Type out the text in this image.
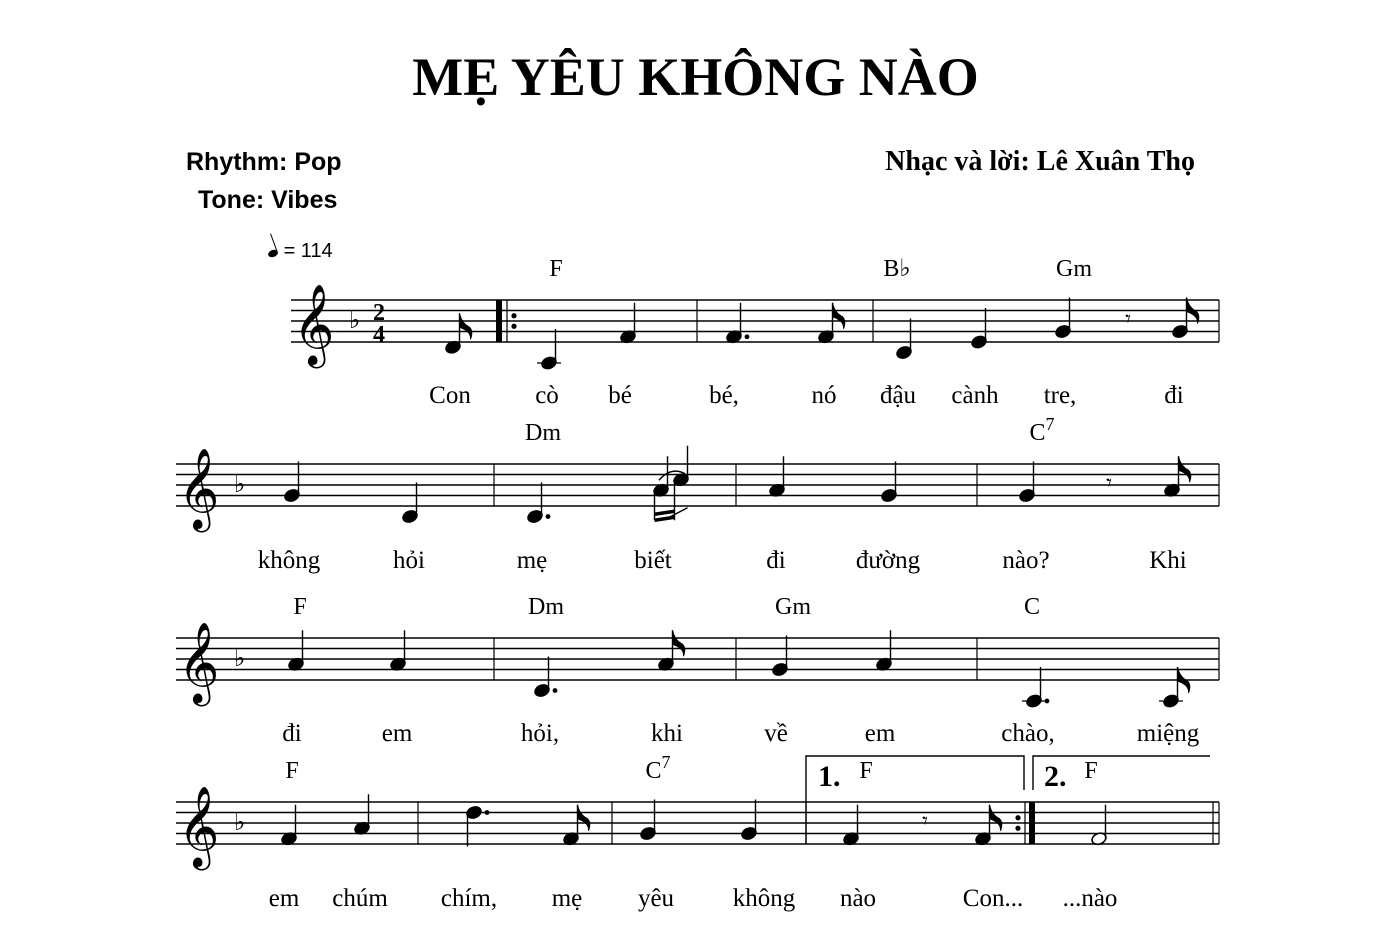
MẸ YÊU KHÔNG NÀO
Rhythm: Pop
Tone: Vibes
Nhạc và lời: Lê Xuân Thọ
= 114
𝄞 ♭ 2
4
F	B♭	Gm
Con	cò bé	bé,	nó đậu cành tre,	đi
𝄾
𝄞 ♭
Dm	$C^7$
không	hỏi	mẹ	biết	đi	đường	nào?	Khi
𝄾
𝄞 ♭
F	Dm	Gm	C
đi	em	hỏi,	khi	về	em	chào,	miệng
𝄞 ♭
1.	2.
F	$C^7$	F	F
em chúm chím, mẹ yêu không nào	Con... ...nào
𝄾
